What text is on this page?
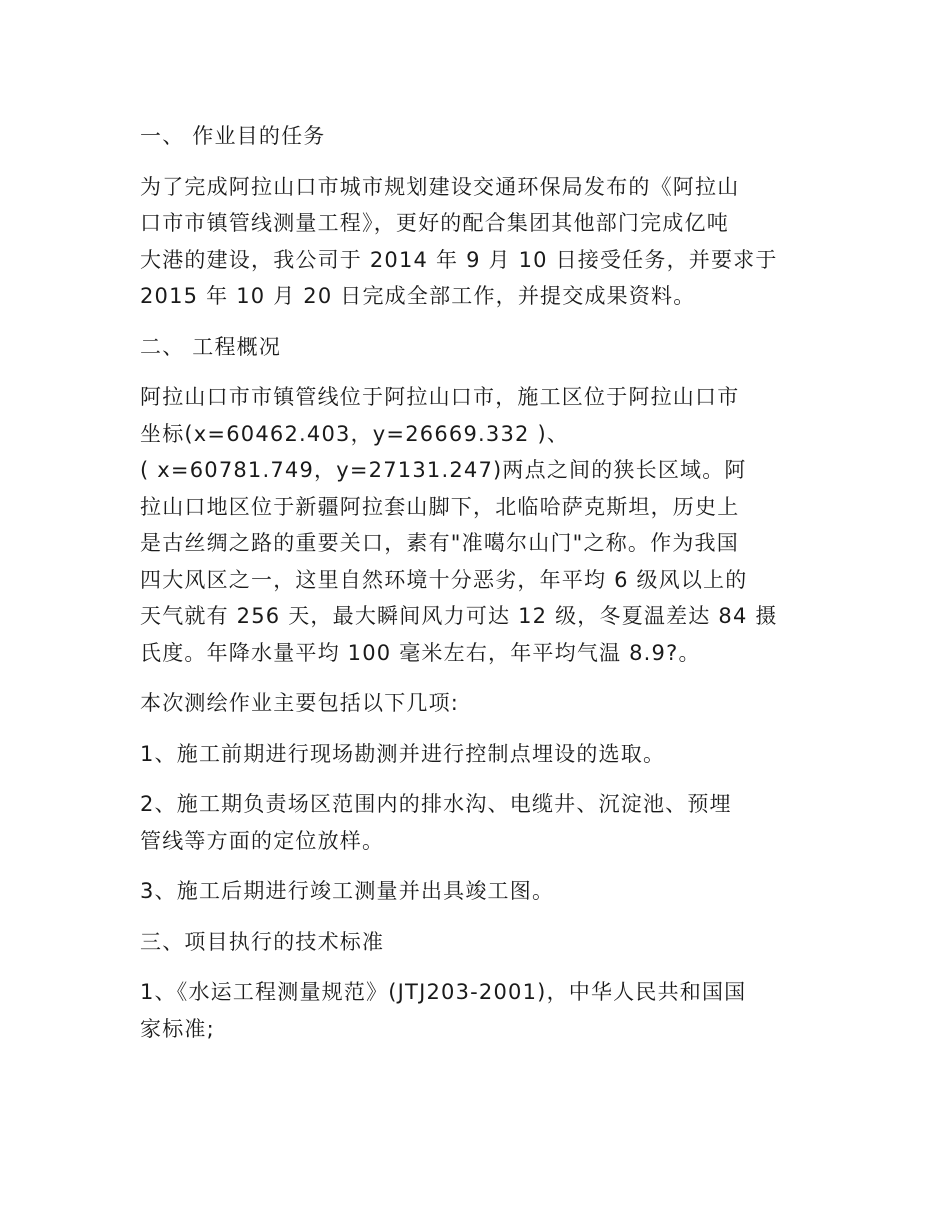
一、 作业目的任务
为了完成阿拉山口市城市规划建设交通环保局发布的《阿拉山
口市市镇管线测量工程》，更好的配合集团其他部门完成亿吨
大港的建设，我公司于 2014 年 9 月 10 日接受任务，并要求于
2015 年 10 月 20 日完成全部工作，并提交成果资料。
二、 工程概况
阿拉山口市市镇管线位于阿拉山口市，施工区位于阿拉山口市
坐标(x=60462.403，y=26669.332 )、
( x=60781.749，y=27131.247)两点之间的狭长区域。阿
拉山口地区位于新疆阿拉套山脚下，北临哈萨克斯坦，历史上
是古丝绸之路的重要关口，素有"准噶尔山门"之称。作为我国
四大风区之一，这里自然环境十分恶劣，年平均 6 级风以上的
天气就有 256 天，最大瞬间风力可达 12 级，冬夏温差达 84 摄
氏度。年降水量平均 100 毫米左右，年平均气温 8.9?。
本次测绘作业主要包括以下几项:
1、施工前期进行现场勘测并进行控制点埋设的选取。
2、施工期负责场区范围内的排水沟、电缆井、沉淀池、预埋
管线等方面的定位放样。
3、施工后期进行竣工测量并出具竣工图。
三、项目执行的技术标准
1、《水运工程测量规范》(JTJ203-2001)，中华人民共和国国
家标准;
